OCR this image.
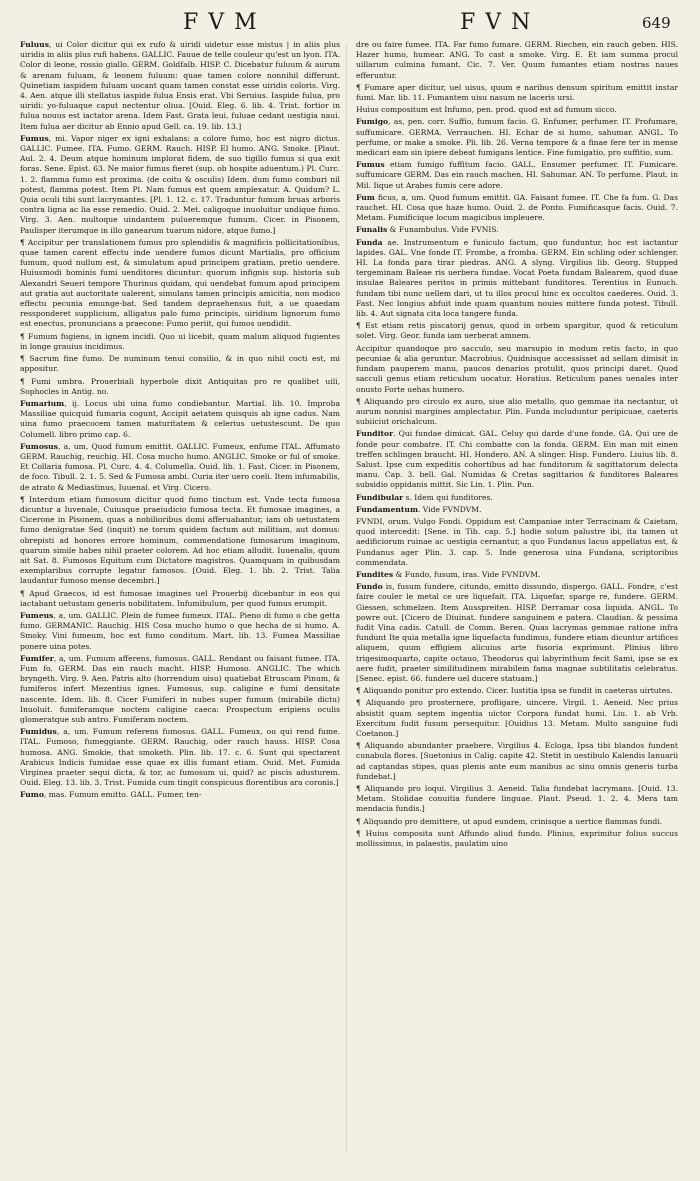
FVM	FVN	649

Fuluus, ui Color dicitur qui ex rufo & uiridi uidetur esse mistus | in aliis plus uiridis in aliis plus rufi habens. GALLIC. Fauue de telle couleur qu'est un lyon. ITA. Color di leone, rossio giallo. GERM. Goldfalb. HISP. C. Dicebatur fuluum & aurum & arenam fuluam, & leonem fuluum: quae tamen colore nonnihil differunt. Quinetiam iaspidem fuluam uocant quam tamen constat esse uiridis coloris. Virg. 4. Aen. atque illi stellatus iaspide fulua Ensis erat. Vbi Seruius. Iaspide fulua, pro uiridi: yo-fuluaque caput nectentur oliua. [Ouid. Eleg. 6. lib. 4. Trist. fortior in fulua nouus est iactator arena. Idem Fast. Grata leui, fuluae cedant uestigia naui. Item fulua aer dicitur ab Ennio apud Gell. ca. 19. lib. 13.]

Fumus, mi. Vapor niger ex igni exhalans: a colore fumo, hoc est nigro dictus. GALLIC. Fumee. ITA. Fumo. GERM. Rauch. HISP. El humo. ANG. Smoke. [Plaut. Aul. 2. 4. Deum atque hominum implorat fidem, de suo tigillo fumus si qua exit foras. Sene. Epist. 63. Ne maior fumus fieret (sup. ob hospite aduentum.) Pl. Curc. 1. 2. flamma fumo est proxima. (de coitu & osculis) Idem. dum fumo comburi nil potest, flamma potest. Item Pl. Nam fumus est quem amplexatur. A. Quidum? L. Quia oculi tibi sunt lacrymantes. [Pl. 1. 12. c. 17. Traduntur fumum bruas arboris contra ligna ac lia esse remedio. Ouid. 2. Met. caligoque inuoluitur undique fumo. Virg. 3. Aen. multoque uindantem pulueremque fumum. Cicer. in Pisonem, Paulisper iterumque in illo ganearum tuarum nidore, atque fumo.]

¶ Accipitur per translationem fumus pro splendidis & magnificis pollicitationibus, quae tamen carent effectu inde uendere fumos dicunt Martialis, pro officium fumum, quod nullum est, & simulatum apud principem gratiam, pretio uendere. Huiusmodi hominis fumi uenditores dicuntur: quorum infignis sup. historia sub Alexandri Seueri tempore Thurinus quidam, qui uendebat fumum apud principem aut gratia aut auctoritate ualerent, simulans tamen principis amicitia, non modico effectu pecunia emunge-bat. Sed tandem depraehensus fuit, a ue quaedam ressponderet supplicium, alligatus palo fumo principis, uiridium lignorum fumo est enectus, pronuncians a praecone: Fumo periit, qui fumos uendidit.

¶ Fumum fugiens, in ignem incidi. Quo ui licebit, quam malum aliquod fugientes in longe grauius incidimus.

¶ Sacrum fine fumo. De numinum tenui consilio, & in quo nihil cocti est, mi appositur.

¶ Fumi umbra. Prouerbiali hyperbole dixit Antiquitas pro re qualibet uili, Sophocles in Antig. no.

Fumarium, ij. Locus ubi uina fumo condiebantur. Martial. lib. 10. Improba Massiliae quicquid fumaria cogunt, Accipit aetatem quisquis ab igne cadus. Nam uina fumo praecocem tamen maturitatem & celerius uetustescunt. De quo Columell. libro primo cap. 6.

Fumosus, a, um, Quod fumum emittit. GALLIC. Fumeux, enfume ITAL. Affumato GERM. Rauchig, reuchig. HI. Cosa mucho humo. ANGLIC. Smoke or ful of smoke. Et Collaria fumosa. Pl. Curc. 4. 4. Columella. Ouid. lib. 1. Fast. Cicer. in Pisonem, de foco. Tibull. 2. 1. 5. Sed & Fumosa ambi. Curia iter uero coeli. Item infumabilis, de atrato & Mediastinus, Iuuenal. et Virg. Cicero.

¶ Interdum etiam fumosum dicitur quod fumo tinctum est. Vnde tecta fumosa dicuntur a Iuvenale, Cuiusque praeiudicio fumosa tecta. Et fumosae imagines, a Cicerone in Pisonem, quas a nobilioribus domi afferuabantur, iam ob uetustatem fumo denigratae Sed (inquit) ne torum quidem factum aut militiam, aut domus: obrepisti ad honores errore hominum, commendatione fumosarum imaginum, quarum simile habes nihil praeter colorem. Ad hoc etiam alludit. Iuuenalis, quum ait Sat. 8. Fumosos Equitum cum Dictatore magistros. Quamquam in quibusdam exemplaribus corrupte legatur famosos. [Ouid. Eleg. 1. lib. 2. Trist. Talia laudantur fumoso mense decembri.]

¶ Apud Graecos, id est fumosae imagines uel Prouerbij dicebantur in eos qui iactabant uetustam generis nobilitatem. Infumibulum, per quod fumus erumpit.

Fumeus, a, um. GALLIC. Plein de fumee fumeux. ITAL. Pieno di fumo o che getta fumo. GERMANIC. Rauchig. HIS Cosa mucho humo o que hecha de si humo. A. Smoky. Vini fumeum, hoc est fumo conditum. Mart. lib. 13. Fumea Massiliae ponere uina potes.

Fumifer, a, um. Fumum afferens, fumosus. GALL. Rendant ou faisant fumee. ITA. Fum fo. GERM. Das ein rauch macht. HISP. Humoso. ANGLIC. The which bryngeth. Virg. 9. Aen. Patris alto (horrendum uisu) quatiebat Etruscam Pinum, & fumiferos infert Mezentius ignes. Fumosus, sup. caligine e fumi densitate nascente. Idem. lib. 8. Cicer Fumiferi in nubes super fumum (mirabile dictu) Inuoluit. fumiferamque noctem caligine caeca: Prospectum eripiens oculis glomeratque sub antro. Fumiferam noctem.

Fumidus, a, um. Fumum referens fumosus. GALL. Fumeux, ou qui rend fume. ITAL. Fumoso, fumeggiante. GERM. Rauchig, oder rauch hauss. HISP. Cosa humosa. ANG. Smokie, that smoketh. Plin. lib. 17. c. 6. Sunt qui spectarent Arabicus Indicis fumidae esse quae ex illis fumant etiam. Ouid. Met. Fumida Virginea praeter sequi dicta, & tor, ac fumosum ui, quid? ac piscis adusturem. Ouid. Eleg. 13. lib. 3. Trist. Fumida cum tingit conspicuus florentibus ara coronis.]

Fumo, mas. Fumum emitto. GALL. Fumer, ten-

dre ou faire fumee. ITA. Far fumo fumare. GERM. Riechen, ein rauch geben. HIS. Hazer humo, humear. ANG. To cast a smoke. Virg. E. Et iam summa procul uillarum culmina fumant. Cic. 7. Ver. Quum fumantes etiam nostras naues efferuntur.

¶ Fumare aper dicitur, uel uisus, quum e naribus densum spiritum emittit instar fumi. Mar. lib. 11. Fumantem uisu nasum ne laceris ursi.

Huius compositum est Infumo, pen. prod. quod est ad fumum sicco.

Fumigo, as, pen. corr. Suffio, fumum facio. G. Enfumer, perfumer. IT. Profumare, suffumicare. GERMA. Verrauchen. HI. Echar de si humo, sahumar. ANGL. To perfume, or make a smoke. Pli. lib. 26. Verna tempore & a finae fere ter in mense medicari eam sin ipiere debeat fumigans lentice. Fine fumigatio, pro suffitio, sum.

Fumus etiam fumigo fuffitum facio. GALL. Ensumer perfumer. IT. Fumicare. suffumicare GERM. Das ein rauch machen. HI. Sahumar. AN. To perfume. Plaut. in Mil. Iique ut Arabes fumis cere adore.

Fum ficus, a, um. Quod fumum emittit. GA. Faisant fumee. IT. Che fa fum. G. Das rauchet. HI. Cosa que haze humo. Ouid. 2. de Ponto. Fumificasque facis. Ouid. 7. Metam. Fumificique locum magicibus impleuere.

Funalis & Funambulus. Vide FVNIS.

Funda ae. Instrumentum e funiculo factum, quo funduntur, hoc est iactantur lapides. GAL. Vne fonde IT. Frombe, a fromba. GERM. Ein schling oder schlenger. HI. La fonda para tirar piedras. ANG. A slyng. Virgilius lib. Georg. Stupped tergeminam Baleae ris uerbera fundae. Vocat Poeta fundam Balearem, quod duae insulae Baleares peritos in primis mittebant funditores. Terentius in Eunuch. fundam tibi nunc uellem dari, ut tu illos procul hinc ex occultos caederes. Ouid. 3. Fast. Nec longius abfuit inde quam quantum nouies mittere funda potest. Tibull. lib. 4. Aut signata cita loca tangere funda.

¶ Est etiam retis piscatorij genus, quod in orbem spargitur, quod & reticulum solet. Virg. Geor. funda iam uerberat amnem.

Accipitur quandoque pro sacculo, seu marsupio in modum retis facto, in quo pecuniae & alia geruntur. Macrobius. Quidnisque accessisset ad sellam dimisit in fundam pauperem manu, paucos denarios protulit, quos principi daret. Quod sacculi genus etiam reticulum uocatur. Horatius. Reticulum panes uenales inter onusto Forte uehas humero.

¶ Aliquando pro circulo ex auro, siue alio metallo, quo gemmae ita nectantur, ut aurum nonnisi margines amplectatur. Plin. Funda includuntur peripicuae, caeteris subiiciut orichalcum.

Funditor. Qui fundae dimicat. GAL. Celuy qui darde d'une fonde. GA. Qui ure de fonde pour combatre. IT. Chi combatte con la fonda. GERM. Ein man mit einen treffen schlingen braucht. HI. Hondero. AN. A slinger. Hisp. Fundero. Liuius lib. 8. Salust. Ipse cum expeditis cohortibus ad hac funditorum & sagittatorum delecta manu. Cap. 3. bell. Gal. Numidas & Cretas sagittarios & funditores Baleares subsidio oppidanis mittit. Sic Lin. 1. Plin. Pun.

Fundibular s. Idem qui funditores.

Fundamentum. Vide FVNDVM.

FVNDI, orum. Vulgo Fondi. Oppidum est Campaniae inter Terracinam & Caietam, quod intercedit: [Sene. in Tib. cap. 5.] hodie solum palustre ibi, ita tamen ut aedificiorum ruinae ac uestigia cernantur, a quo Fundanus lacus appellatus est, & Fundanus ager Plin. 3. cap. 5. Inde generosa uina Fundana, scriptoribus commendata.

Fundites & Fundo, fusum, iras. Vide FVNDVM.

Fundo is, fusum fundere, citundo, emitto dissundo, dispergo. GALL. Fondre, c'est faire couler le metal ce ure liquefait. ITA. Liquefar, sparge re, fundere. GERM. Giessen, schmelzen. Item Ausspreiten. HISP. Derramar cosa liquida. ANGL. To powre out. [Cicero de Diuinat. fundere sanguinem e patera. Claudian. & pessima fudit Vina cadis. Catull. de Comm. Beren. Quas lacrymas gemmae ratione infra fundunt Ite quia metalla igne liquefacta fundimus, fundere etiam dicuntur artifices aliquem, quum effigiem alicuius arte fusoria exprimunt. Plinius libro trigesimoquarto, capite octauo, Theodorus qui labyrinthum fecit Sami, ipse se ex aere fudit, praeter similitudinem mirabilem fama magnae subtilitatis celebratus. [Senec. epist. 66. fundere uel ducere statuam.]

¶ Aliquando ponitur pro extendo. Cicer. Iustitia ipsa se fundit in caeteras uirtutes.

¶ Aliquando pro prosternere, profligare, uincere. Virgil. 1. Aeneid. Nec prius absistit quam septem ingentia uictor Corpora fundat humi. Liu. 1. ab Vrb. Exercitum fudit fusum persequitur. [Ouidius 13. Metam. Multo sanguine fudi Coetanon.]

¶ Aliquando abundanter praebere. Virgilius 4. Ecloga, Ipsa tibi blandos fundent cunabula flores. [Suetonius in Calig. capite 42. Stetit in uestibulo Kalendis Ianuarii ad captandas stipes, quas plenis ante eum manibus ac sinu omnis generis turba fundebat.]

¶ Aliquando pro loqui. Virgilius 3. Aeneid. Talia fundebat lacrymans. [Ouid. 13. Metam. Stolidae conuitia fundere linguae. Plaut. Pseud. 1. 2. 4. Mera tam mendacia fundis.]

¶ Aliquando pro demittere, ut apud eundem, crinisque a uertice flammas fundi.

¶ Huius composita sunt Affundo aliud fundo. Plinius, exprimitur folius succus mollissimus, in palaestis, paulatim uino
